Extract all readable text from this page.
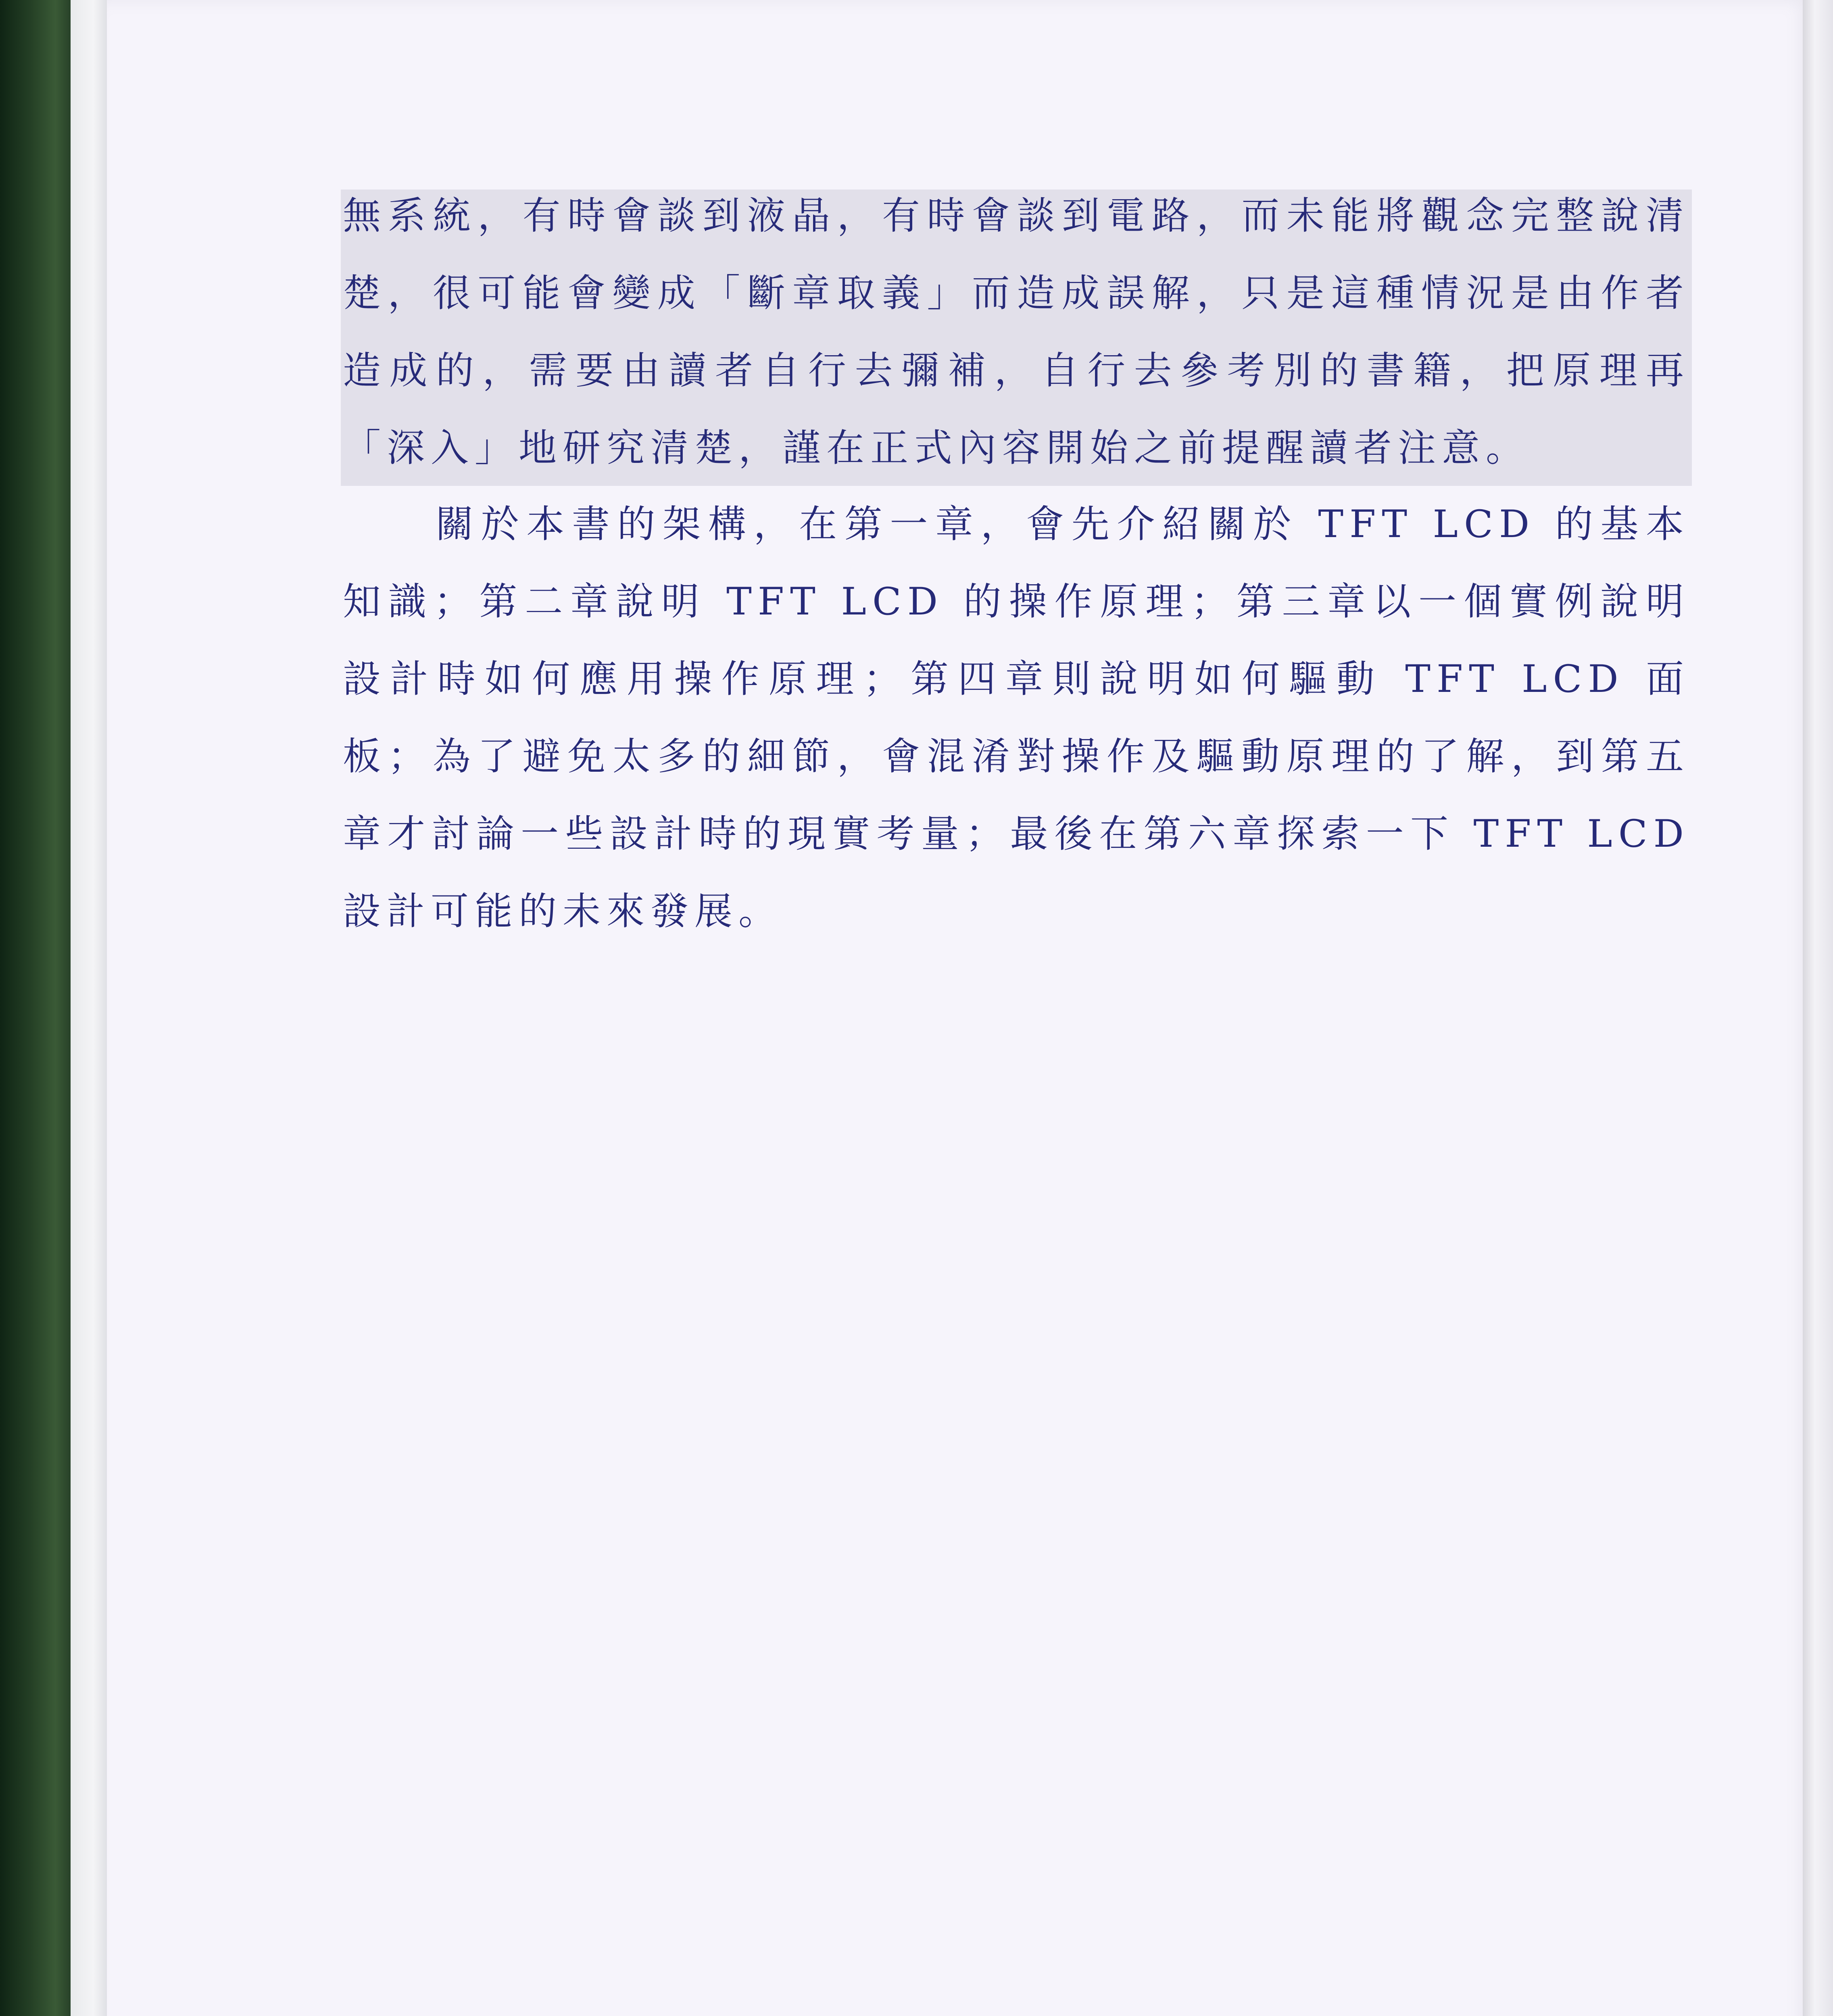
無系統，有時會談到液晶，有時會談到電路，而未能將觀念完整說清楚，很可能會變成「斷章取義」而造成誤解，只是這種情況是由作者造成的，需要由讀者自行去彌補，自行去參考別的書籍，把原理再「深入」地研究清楚，謹在正式內容開始之前提醒讀者注意。

關於本書的架構，在第一章，會先介紹關於 TFT LCD 的基本知識；第二章說明 TFT LCD 的操作原理；第三章以一個實例說明設計時如何應用操作原理；第四章則說明如何驅動 TFT LCD 面板；為了避免太多的細節，會混淆對操作及驅動原理的了解，到第五章才討論一些設計時的現實考量；最後在第六章探索一下 TFT LCD 設計可能的未來發展。
